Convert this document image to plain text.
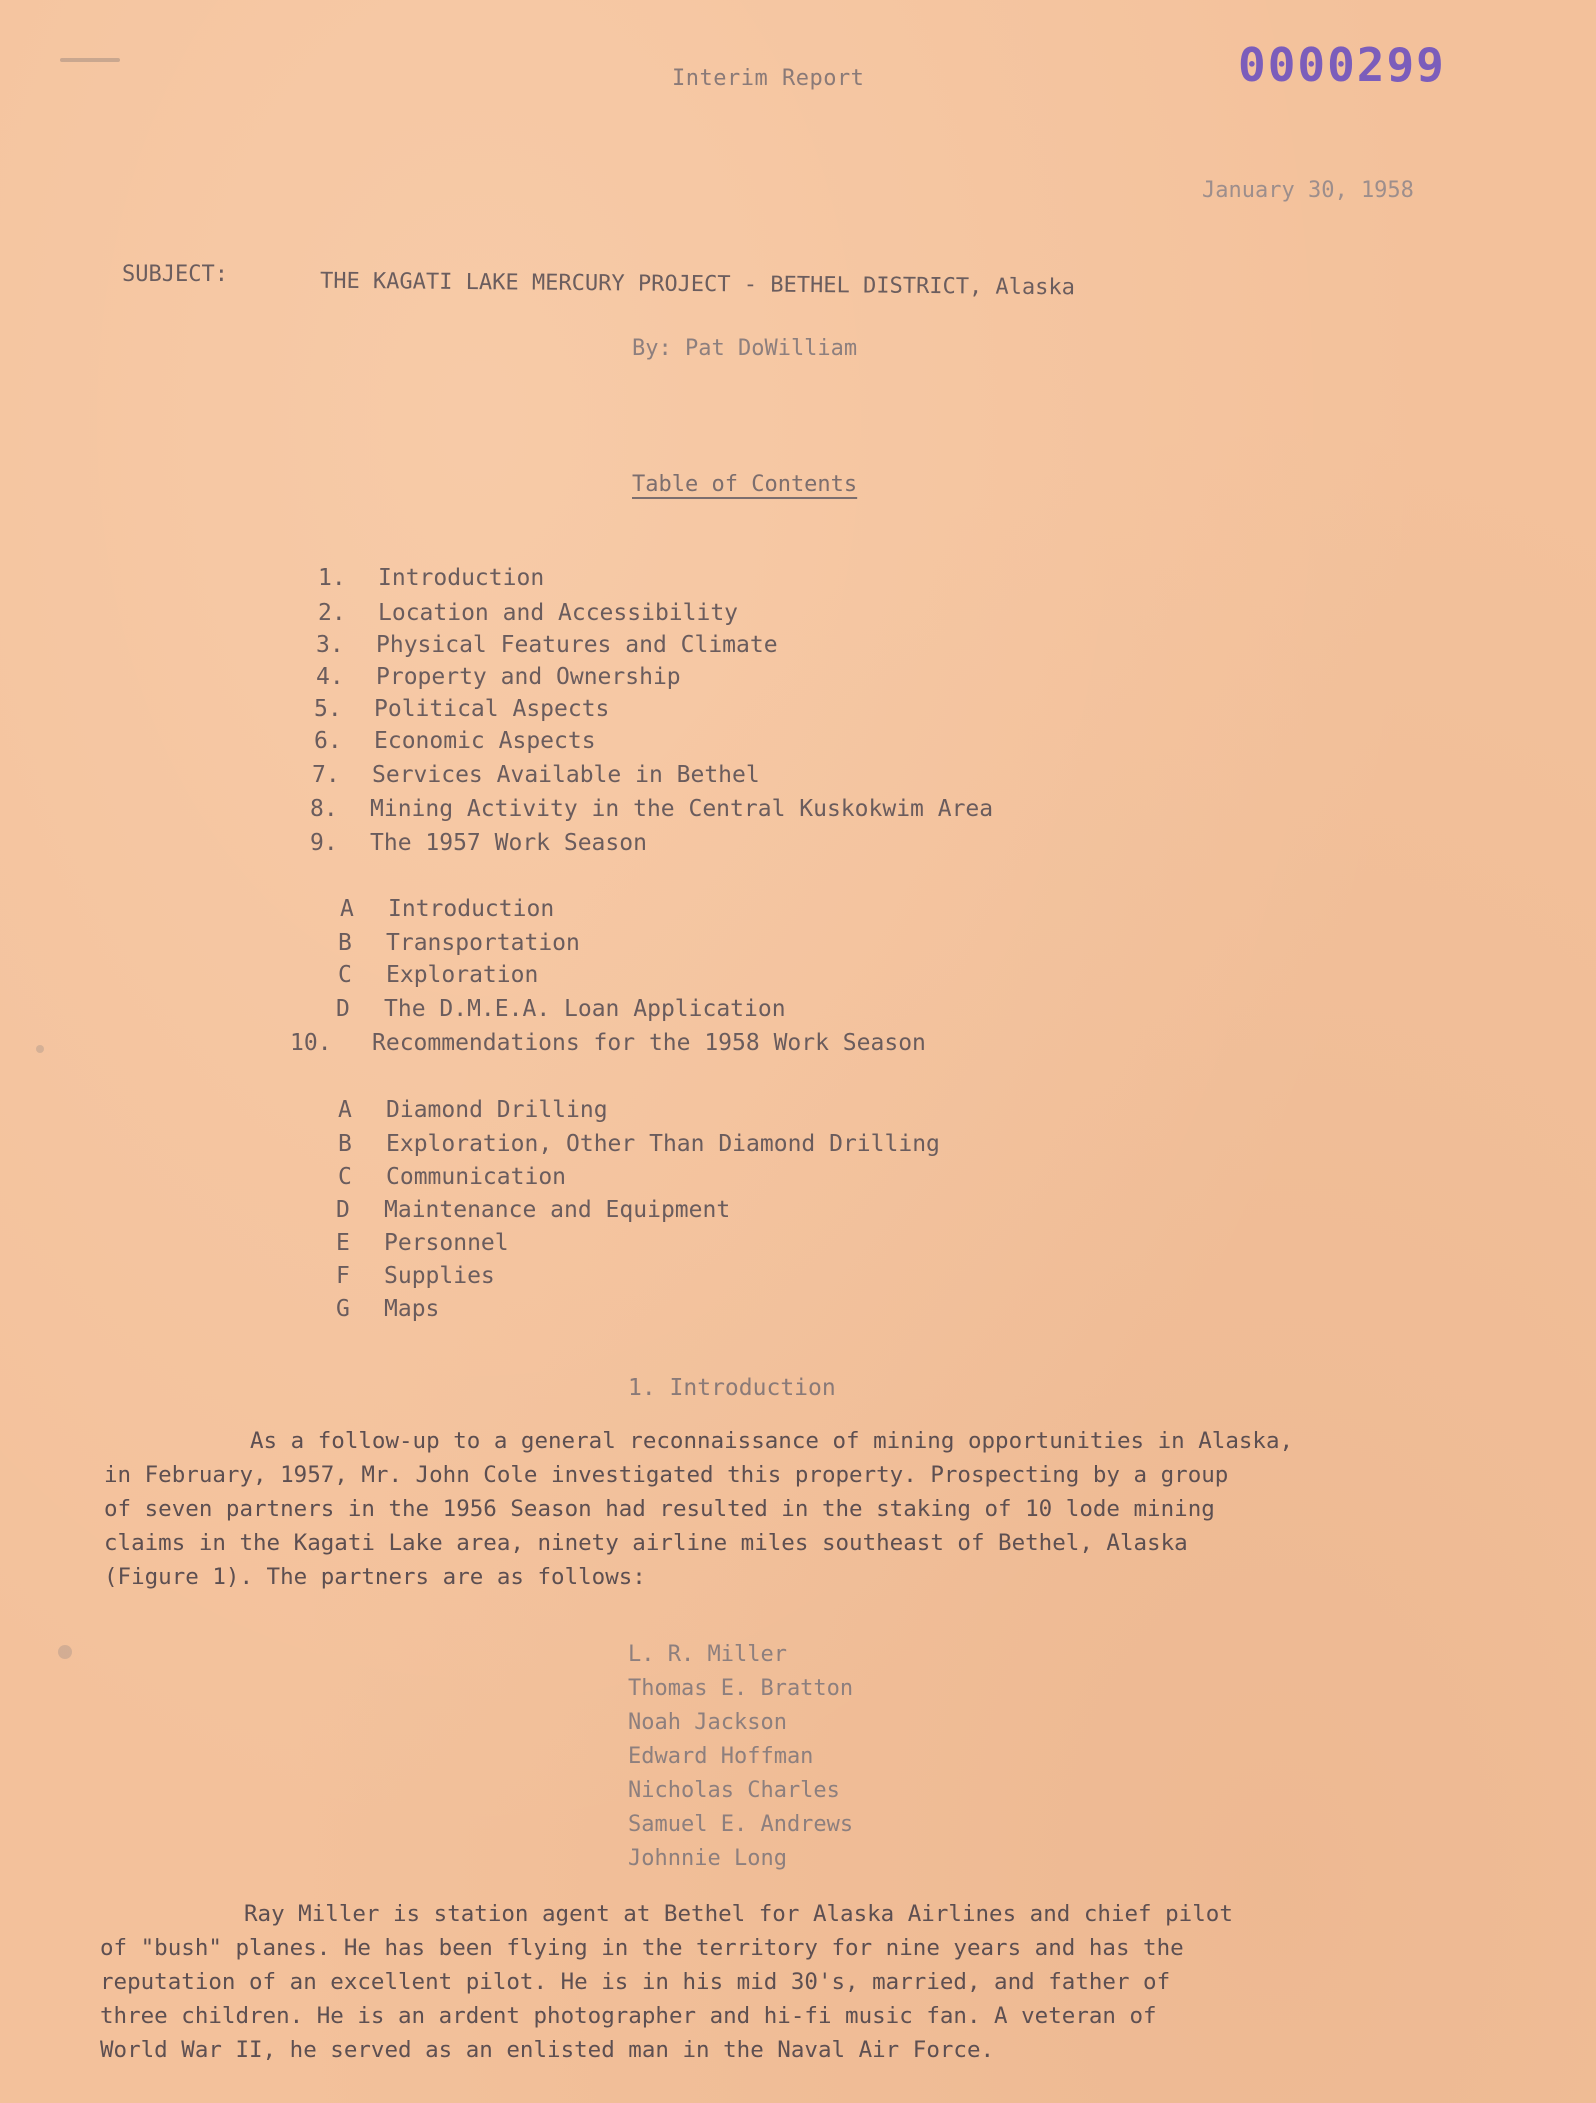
Interim Report	0000299
January 30, 1958
SUBJECT:	THE KAGATI LAKE MERCURY PROJECT - BETHEL DISTRICT, Alaska
By: Pat DoWilliam
Table of Contents
1. Introduction
2. Location and Accessibility
3. Physical Features and Climate
4. Property and Ownership
5. Political Aspects
6. Economic Aspects
7. Services Available in Bethel
8. Mining Activity in the Central Kuskokwim Area
9. The 1957 Work Season
A Introduction
B Transportation
C Exploration
D The D.M.E.A. Loan Application
10. Recommendations for the 1958 Work Season
A Diamond Drilling
B Exploration, Other Than Diamond Drilling
C Communication
D Maintenance and Equipment
E Personnel
F Supplies
G Maps
1. Introduction
As a follow-up to a general reconnaissance of mining opportunities in Alaska,
in February, 1957, Mr. John Cole investigated this property. Prospecting by a group
of seven partners in the 1956 Season had resulted in the staking of 10 lode mining
claims in the Kagati Lake area, ninety airline miles southeast of Bethel, Alaska
(Figure 1). The partners are as follows:
L. R. Miller
Thomas E. Bratton
Noah Jackson
Edward Hoffman
Nicholas Charles
Samuel E. Andrews
Johnnie Long
Ray Miller is station agent at Bethel for Alaska Airlines and chief pilot
of "bush" planes. He has been flying in the territory for nine years and has the
reputation of an excellent pilot. He is in his mid 30's, married, and father of
three children. He is an ardent photographer and hi-fi music fan. A veteran of
World War II, he served as an enlisted man in the Naval Air Force.
